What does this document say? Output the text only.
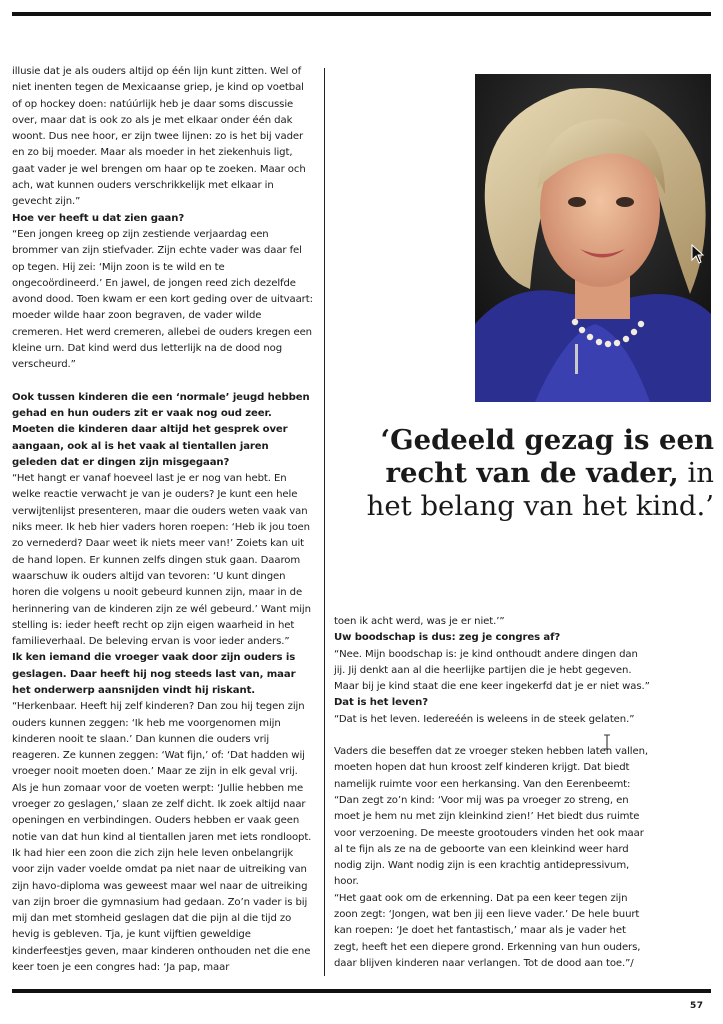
illusie dat je als ouders altijd op één lijn kunt zitten. Wel of niet inenten tegen de Mexicaanse griep, je kind op voetbal of op hockey doen: natúúrlijk heb je daar soms discussie over, maar dat is ook zo als je met elkaar onder één dak woont. Dus nee hoor, er zijn twee lijnen: zo is het bij vader en zo bij moeder. Maar als moeder in het ziekenhuis ligt, gaat vader je wel brengen om haar op te zoeken. Maar och ach, wat kunnen ouders verschrikkelijk met elkaar in gevecht zijn.”

Hoe ver heeft u dat zien gaan?

“Een jongen kreeg op zijn zestiende verjaardag een brommer van zijn stiefvader. Zijn echte vader was daar fel op tegen. Hij zei: ‘Mijn zoon is te wild en te ongecoördineerd.’ En jawel, de jongen reed zich dezelfde avond dood. Toen kwam er een kort geding over de uitvaart: moeder wilde haar zoon begraven, de vader wilde cremeren. Het werd cremeren, allebei de ouders kregen een kleine urn. Dat kind werd dus letterlijk na de dood nog verscheurd.”

Ook tussen kinderen die een ‘normale’ jeugd hebben gehad en hun ouders zit er vaak nog oud zeer. Moeten die kinderen daar altijd het gesprek over aangaan, ook al is het vaak al tientallen jaren geleden dat er dingen zijn misgegaan?

“Het hangt er vanaf hoeveel last je er nog van hebt. En welke reactie verwacht je van je ouders? Je kunt een hele verwijtenlijst presenteren, maar die ouders weten vaak van niks meer. Ik heb hier vaders horen roepen: ‘Heb ik jou toen zo vernederd? Daar weet ik niets meer van!’ Zoiets kan uit de hand lopen. Er kunnen zelfs dingen stuk gaan. Daarom waarschuw ik ouders altijd van tevoren: ‘U kunt dingen horen die volgens u nooit gebeurd kunnen zijn, maar in de herinnering van de kinderen zijn ze wél gebeurd.’ Want mijn stelling is: ieder heeft recht op zijn eigen waarheid in het familieverhaal. De beleving ervan is voor ieder anders.”

Ik ken iemand die vroeger vaak door zijn ouders is geslagen. Daar heeft hij nog steeds last van, maar het onderwerp aansnijden vindt hij riskant.

“Herkenbaar. Heeft hij zelf kinderen? Dan zou hij tegen zijn ouders kunnen zeggen: ‘Ik heb me voorgenomen mijn kinderen nooit te slaan.’ Dan kunnen die ouders vrij reageren. Ze kunnen zeggen: ‘Wat fijn,’ of: ‘Dat hadden wij vroeger nooit moeten doen.’ Maar ze zijn in elk geval vrij. Als je hun zomaar voor de voeten werpt: ‘Jullie hebben me vroeger zo geslagen,’ slaan ze zelf dicht. Ik zoek altijd naar openingen en verbindingen. Ouders hebben er vaak geen notie van dat hun kind al tientallen jaren met iets rondloopt. Ik had hier een zoon die zich zijn hele leven onbelangrijk voor zijn vader voelde omdat pa niet naar de uitreiking van zijn havo-diploma was geweest maar wel naar de uitreiking van zijn broer die gymnasium had gedaan. Zo’n vader is bij mij dan met stomheid geslagen dat die pijn al die tijd zo hevig is gebleven. Tja, je kunt vijftien geweldige kinderfeestjes geven, maar kinderen onthouden net die ene keer toen je een congres had: ‘Ja pap, maar

‘Gedeeld gezag is een recht van de vader, in het belang van het kind.’

toen ik acht werd, was je er niet.’”

Uw boodschap is dus: zeg je congres af?

“Nee. Mijn boodschap is: je kind onthoudt andere dingen dan jij. Jij denkt aan al die heerlijke partijen die je hebt gegeven. Maar bij je kind staat die ene keer ingekerfd dat je er niet was.”

Dat is het leven?

“Dat is het leven. Iedereéén is weleens in de steek gelaten.”

Vaders die beseffen dat ze vroeger steken hebben laten vallen, moeten hopen dat hun kroost zelf kinderen krijgt. Dat biedt namelijk ruimte voor een herkansing. Van den Eerenbeemt: “Dan zegt zo’n kind: ‘Voor mij was pa vroeger zo streng, en moet je hem nu met zijn kleinkind zien!’ Het biedt dus ruimte voor verzoening. De meeste grootouders vinden het ook maar al te fijn als ze na de geboorte van een kleinkind weer hard nodig zijn. Want nodig zijn is een krachtig antidepressivum, hoor.

“Het gaat ook om de erkenning. Dat pa een keer tegen zijn zoon zegt: ‘Jongen, wat ben jij een lieve vader.’ De hele buurt kan roepen: ‘Je doet het fantastisch,’ maar als je vader het zegt, heeft het een diepere grond. Erkenning van hun ouders, daar blijven kinderen naar verlangen. Tot de dood aan toe.”/

57
